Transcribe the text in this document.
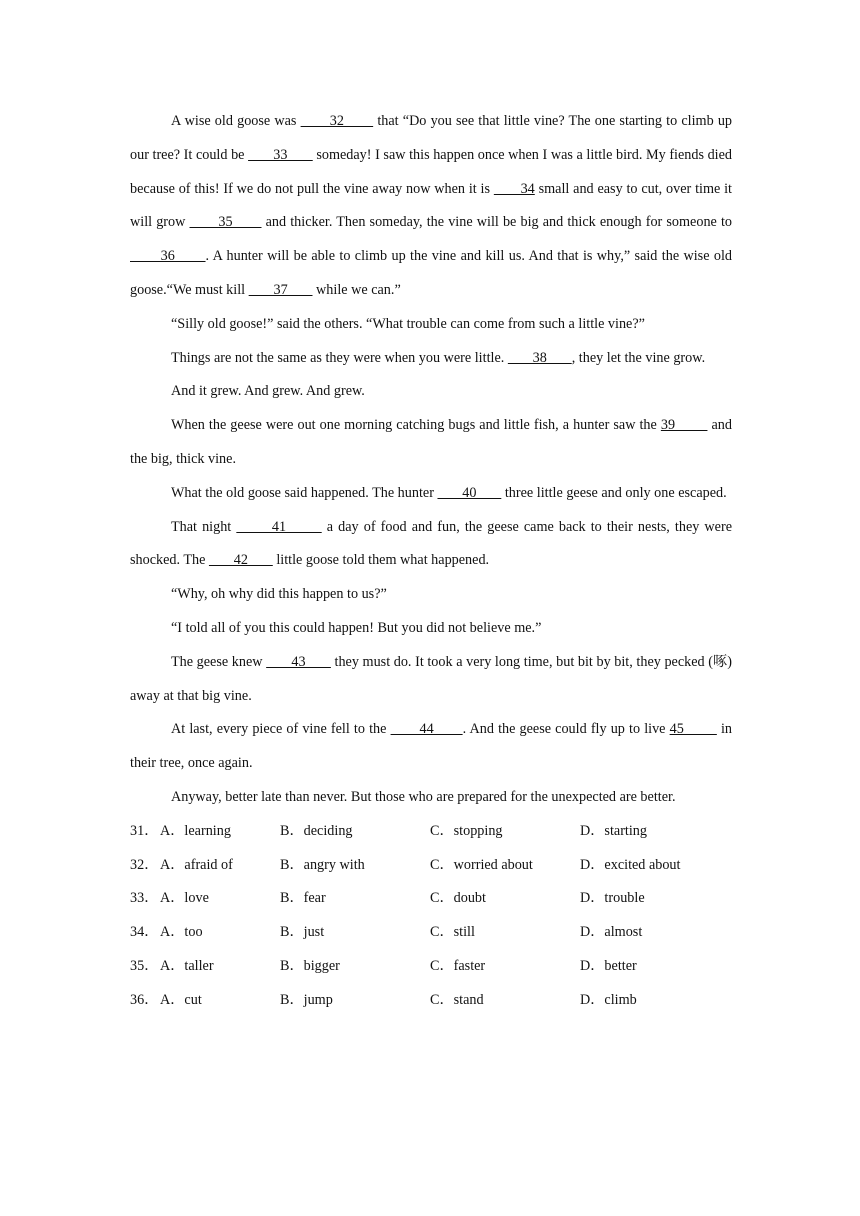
A wise old goose was        32        that “Do you see that little vine? The one starting to climb up our tree? It could be        33        someday! I saw this happen once when I was a little bird. My fiends died because of this! If we do not pull the vine away now when it is        34 small and easy to cut, over time it will grow        35        and thicker. Then someday, the vine will be big and thick enough for someone to        36       . A hunter will be able to climb up the vine and kill us. And that is why,” said the wise old goose.“We must kill        37        while we can.”

“Silly old goose!” said the others. “What trouble can come from such a little vine?”

Things are not the same as they were when you were little.        38       , they let the vine grow.

And it grew. And grew. And grew.

When the geese were out one morning catching bugs and little fish, a hunter saw the 39         and the big, thick vine.

What the old goose said happened. The hunter        40        three little geese and only one escaped.

That night        41        a day of food and fun, the geese came back to their nests, they were shocked. The        42        little goose told them what happened.

“Why, oh why did this happen to us?”

“I told all of you this could happen! But you did not believe me.”

The geese knew        43        they must do. It took a very long time, but bit by bit, they pecked (啄) away at that big vine.

At last, every piece of vine fell to the        44       . And the geese could fly up to live 45         in their tree, once again.

Anyway, better late than never. But those who are prepared for the unexpected are better.

31． A．learning	B．deciding	C．stopping	D．starting
32． A．afraid of	B．angry with	C．worried about	D．excited about
33． A．love	B．fear	C．doubt	D．trouble
34． A．too	B．just	C．still	D．almost
35． A．taller	B．bigger	C．faster	D．better
36． A．cut	B．jump	C．stand	D．climb
